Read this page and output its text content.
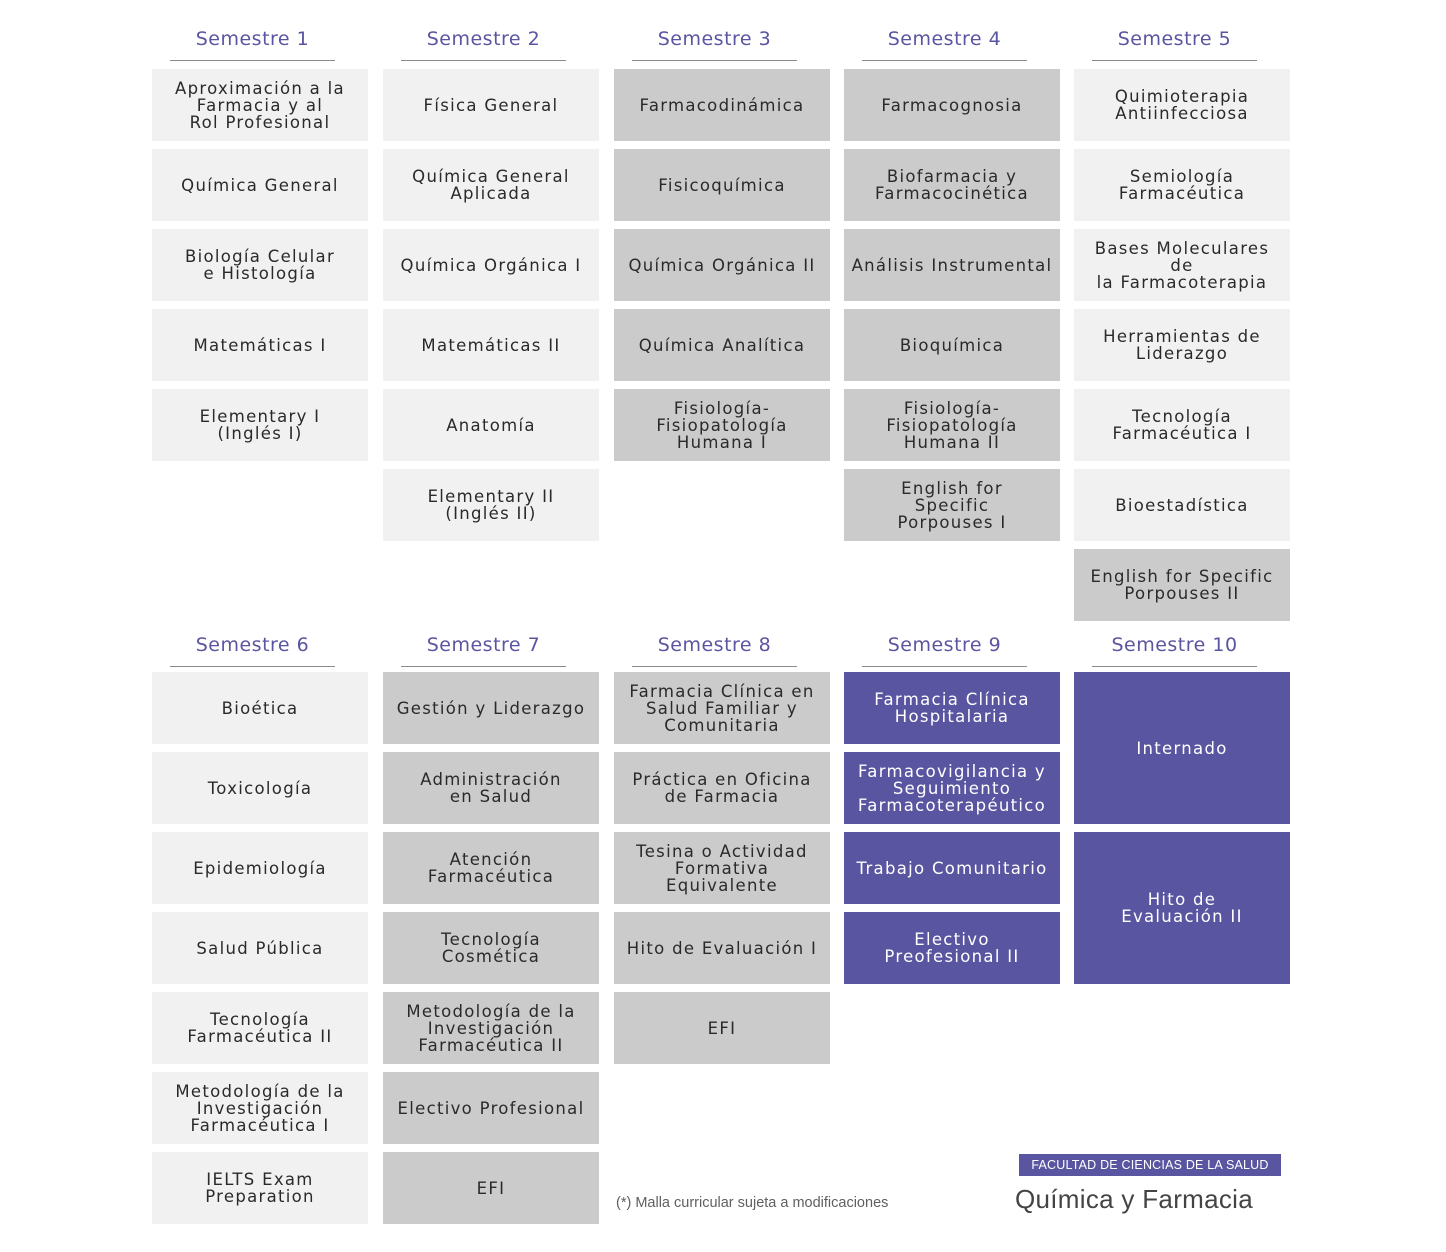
Semestre 1
Aproximación a la
Farmacia y al
Rol Profesional
Química General
Biología Celular
e Histología
Matemáticas I
Elementary I
(Inglés I)
Semestre 2
Física General
Química General
Aplicada
Química Orgánica I
Matemáticas II
Anatomía
Elementary II
(Inglés II)
Semestre 3
Farmacodinámica
Fisicoquímica
Química Orgánica II
Química Analítica
Fisiología-
Fisiopatología
Humana I
Semestre 4
Farmacognosia
Biofarmacia y
Farmacocinética
Análisis Instrumental
Bioquímica
Fisiología-
Fisiopatología
Humana II
English for
Specific
Porpouses I
Semestre 5
Quimioterapia
Antiinfecciosa
Semiología
Farmacéutica
Bases Moleculares de
la Farmacoterapia
Herramientas de
Liderazgo
Tecnología
Farmacéutica I
Bioestadística
English for Specific
Porpouses II
Semestre 6
Bioética
Toxicología
Epidemiología
Salud Pública
Tecnología
Farmacéutica II
Metodología de la
Investigación
Farmacéutica I
IELTS Exam
Preparation
Semestre 7
Gestión y Liderazgo
Administración
en Salud
Atención
Farmacéutica
Tecnología Cosmética
Metodología de la
Investigación
Farmacéutica II
Electivo Profesional
EFI
Semestre 8
Farmacia Clínica en
Salud Familiar y
Comunitaria
Práctica en Oficina
de Farmacia
Tesina o Actividad
Formativa Equivalente
Hito de Evaluación I
EFI
Semestre 9
Farmacia Clínica
Hospitalaria
Farmacovigilancia y
Seguimiento
Farmacoterapéutico
Trabajo Comunitario
Electivo
Preofesional II
Semestre 10
Internado
Hito de
Evaluación II
(*) Malla curricular sujeta a modificaciones
FACULTAD DE CIENCIAS DE LA SALUD
Química y Farmacia
